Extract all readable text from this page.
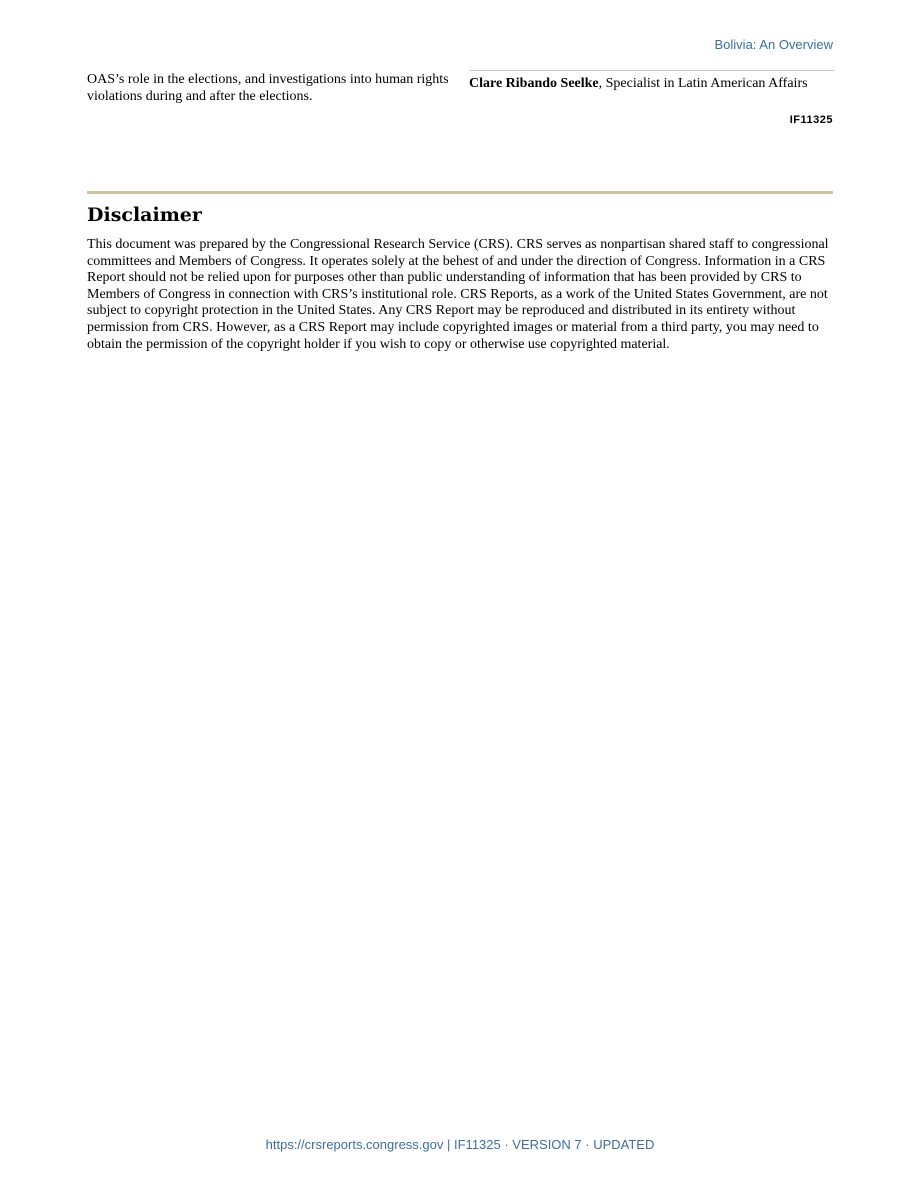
Bolivia: An Overview

OAS’s role in the elections, and investigations into human rights violations during and after the elections.

Clare Ribando Seelke, Specialist in Latin American Affairs
IF11325
Disclaimer

This document was prepared by the Congressional Research Service (CRS). CRS serves as nonpartisan shared staff to congressional committees and Members of Congress. It operates solely at the behest of and under the direction of Congress. Information in a CRS Report should not be relied upon for purposes other than public understanding of information that has been provided by CRS to Members of Congress in connection with CRS’s institutional role. CRS Reports, as a work of the United States Government, are not subject to copyright protection in the United States. Any CRS Report may be reproduced and distributed in its entirety without permission from CRS. However, as a CRS Report may include copyrighted images or material from a third party, you may need to obtain the permission of the copyright holder if you wish to copy or otherwise use copyrighted material.

https://crsreports.congress.gov | IF11325 · VERSION 7 · UPDATED
